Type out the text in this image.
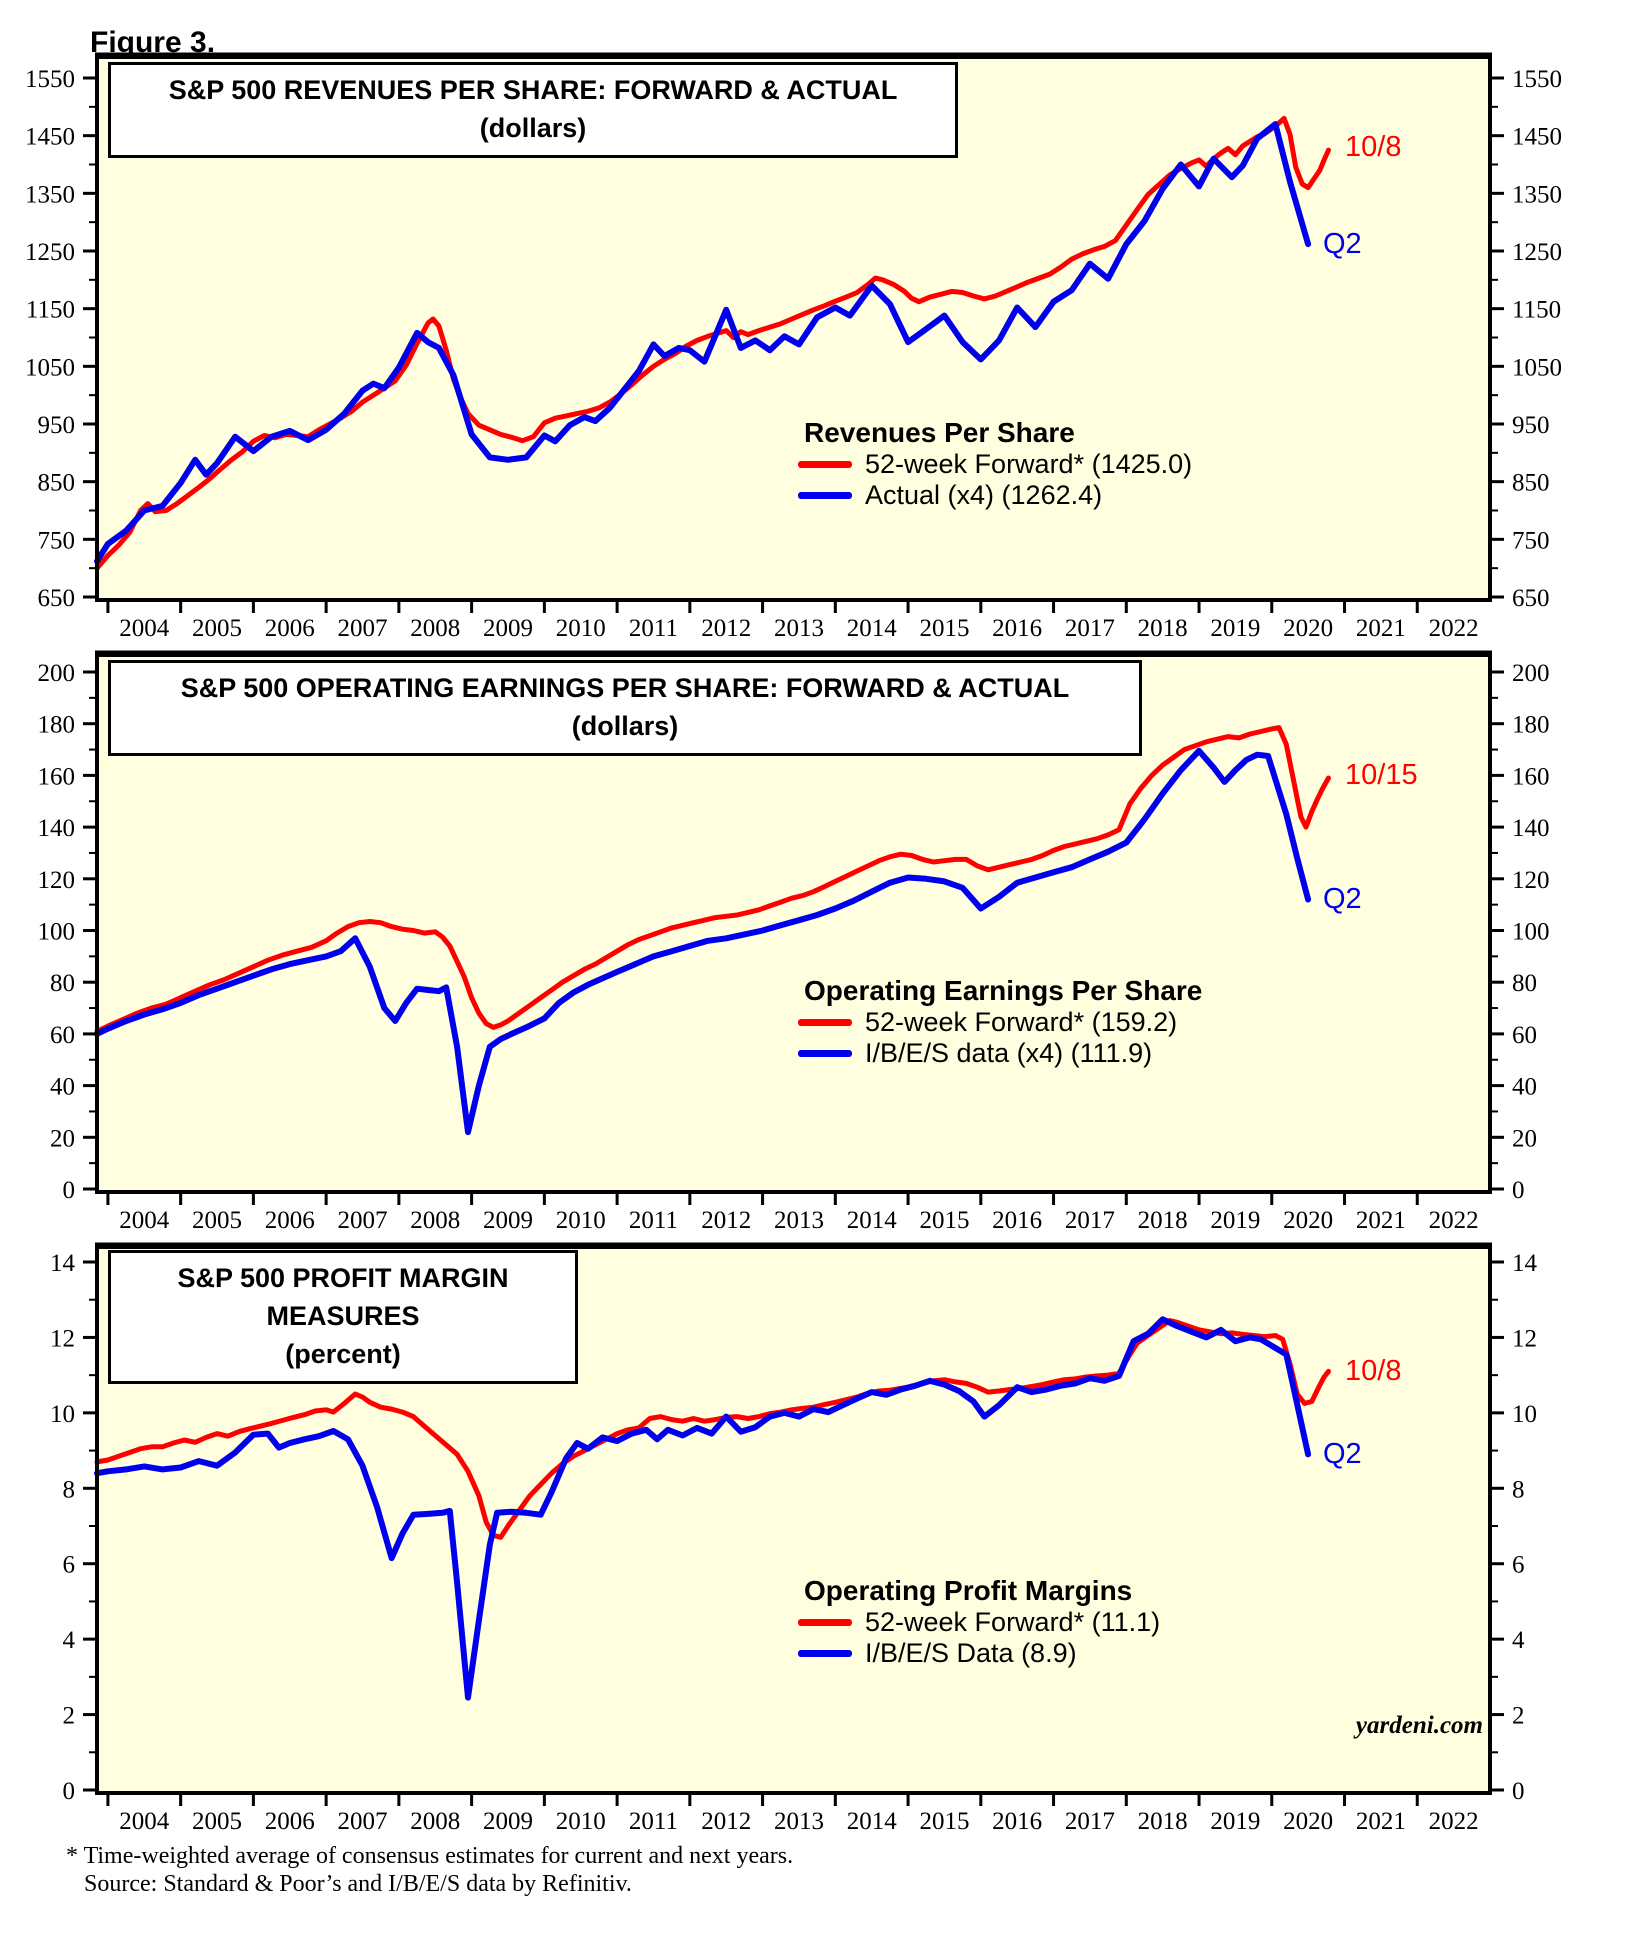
650	650
750	750
850	850
950	950
1050	1050
1150	1150
1250	1250
1350	1350
1450	1450
1550	1550
2004 2005 2006 2007 2008 2009 2010 2011 2012 2013 2014 2015 2016 2017 2018 2019 2020 2021 2022
0	0
20	20
40	40
60	60
80	80
100	100
120	120
140	140
160	160
180	180
200	200
2004 2005 2006 2007 2008 2009 2010 2011 2012 2013 2014 2015 2016 2017 2018 2019 2020 2021 2022
0	0
2	2
4	4
6	6
8	8
10	10
12	12
14	14
2004 2005 2006 2007 2008 2009 2010 2011 2012 2013 2014 2015 2016 2017 2018 2019 2020 2021 2022
Figure 3.
S&P 500 REVENUES PER SHARE: FORWARD & ACTUAL
(dollars)
Revenues Per Share
52-week Forward* (1425.0)
Actual (x4) (1262.4)
10/8
Q2
S&P 500 OPERATING EARNINGS PER SHARE: FORWARD & ACTUAL
(dollars)
Operating Earnings Per Share
52-week Forward* (159.2)
I/B/E/S data (x4) (111.9)
10/15
Q2
S&P 500 PROFIT MARGIN MEASURES
(percent)
Operating Profit Margins
52-week Forward* (11.1)
I/B/E/S Data (8.9)
10/8
Q2
yardeni.com
* Time-weighted average of consensus estimates for current and next years.
Source: Standard & Poor’s and I/B/E/S data by Refinitiv.
